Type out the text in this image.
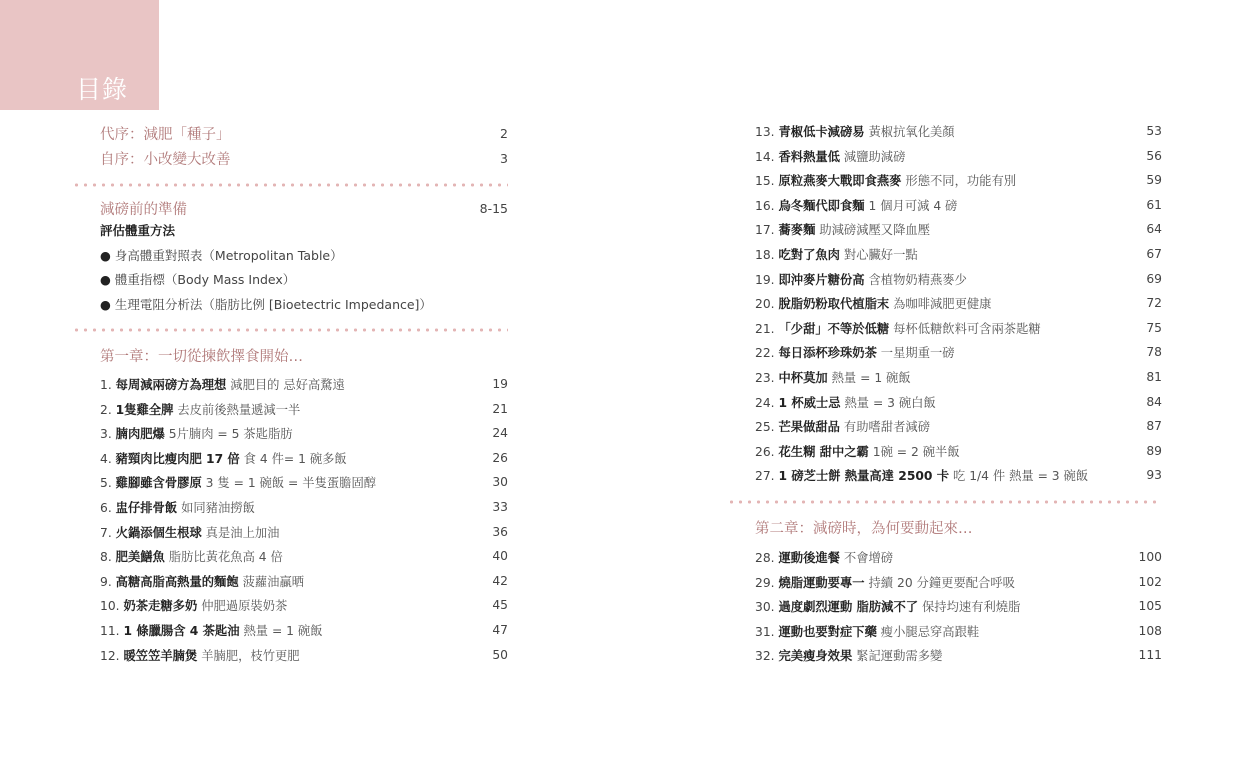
目錄
代序：減肥「種子」	2
自序：小改變大改善	3
減磅前的準備	8-15
評估體重方法
● 身高體重對照表（Metropolitan Table）
● 體重指標（Body Mass Index）
● 生理電阻分析法（脂肪比例 [Bioetectric Impedance]）
第一章：一切從揀飲擇食開始…
1. 每周減兩磅方為理想 減肥目的 忌好高騖遠	19
2. 1隻雞全脾 去皮前後熱量遞減一半	21
3. 腩肉肥爆 5片腩肉 = 5 茶匙脂肪	24
4. 豬頸肉比瘦肉肥 17 倍 食 4 件= 1 碗多飯	26
5. 雞腳雖含骨膠原 3 隻 = 1 碗飯 = 半隻蛋膽固醇	30
6. 盅仔排骨飯 如同豬油撈飯	33
7. 火鍋添個生根球 真是油上加油	36
8. 肥美鱔魚 脂肪比黃花魚高 4 倍	40
9. 高糖高脂高熱量的麵飽 菠蘿油贏晒	42
10. 奶茶走糖多奶 仲肥過原裝奶茶	45
11. 1 條臘腸含 4 茶匙油 熱量 = 1 碗飯	47
12. 暖笠笠羊腩煲 羊腩肥，枝竹更肥	50
13. 青椒低卡減磅易 黃椒抗氧化美顏	53
14. 香料熱量低 減鹽助減磅	56
15. 原粒燕麥大戰即食燕麥 形態不同，功能有別	59
16. 烏冬麵代即食麵 1 個月可減 4 磅	61
17. 蕎麥麵 助減磅減壓又降血壓	64
18. 吃對了魚肉 對心臟好一點	67
19. 即沖麥片糖份高 含植物奶精燕麥少	69
20. 脫脂奶粉取代植脂末 為咖啡減肥更健康	72
21. 「少甜」不等於低糖 每杯低糖飲料可含兩茶匙糖	75
22. 每日添杯珍珠奶茶 一星期重一磅	78
23. 中杯莫加 熱量 = 1 碗飯	81
24. 1 杯威士忌 熱量 = 3 碗白飯	84
25. 芒果做甜品 有助嗜甜者減磅	87
26. 花生糊 甜中之霸 1碗 = 2 碗半飯	89
27. 1 磅芝士餅 熱量高達 2500 卡 吃 1/4 件 熱量 = 3 碗飯	93
第二章：減磅時，為何要動起來…
28. 運動後進餐 不會增磅	100
29. 燒脂運動要專一 持續 20 分鐘更要配合呼吸	102
30. 過度劇烈運動 脂肪減不了 保持均速有利燒脂	105
31. 運動也要對症下藥 瘦小腿忌穿高跟鞋	108
32. 完美瘦身效果 緊記運動需多變	111
